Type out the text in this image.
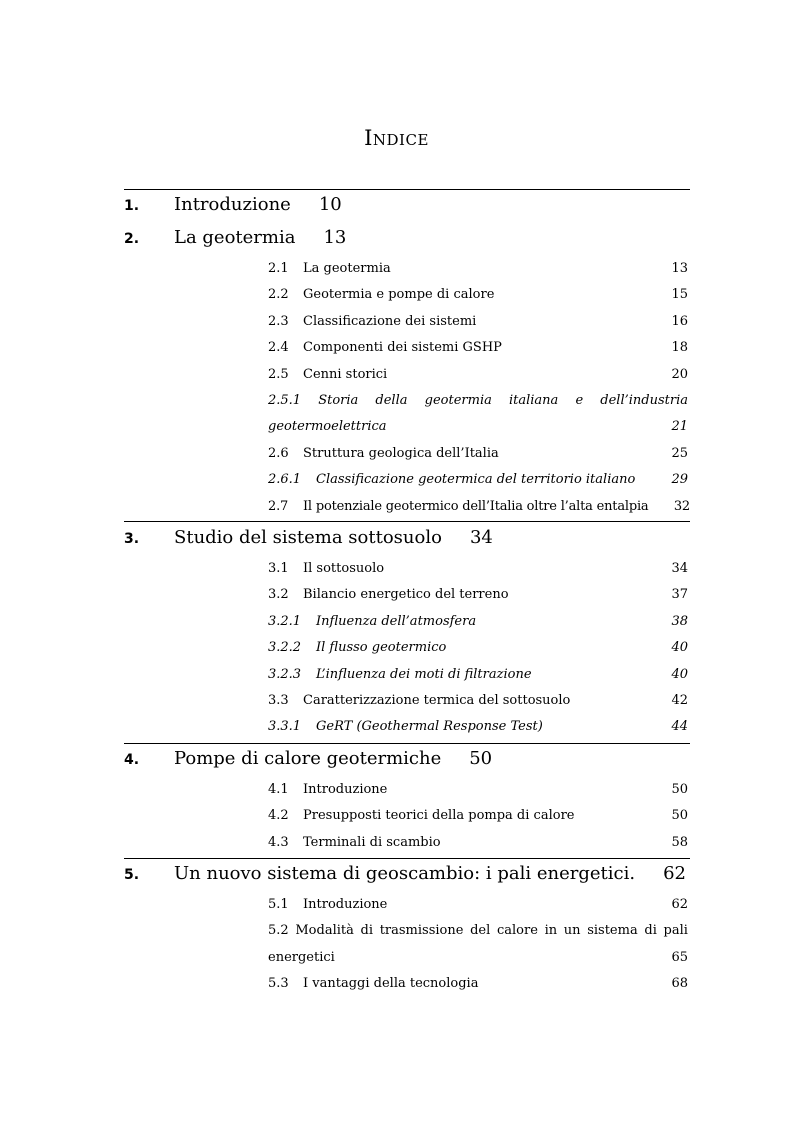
INDICE
1. Introduzione 10
2. La geotermia 13
2.1 La geotermia	13
2.2 Geotermia e pompe di calore	15
2.3 Classificazione dei sistemi	16
2.4 Componenti dei sistemi GSHP	18
2.5 Cenni storici	20
2.5.1 Storia della geotermia italiana e dell’industria
geotermoelettrica	21
2.6 Struttura geologica dell’Italia	25
2.6.1 Classificazione geotermica del territorio italiano	29
2.7 Il potenziale geotermico dell’Italia oltre l’alta entalpia 32
3. Studio del sistema sottosuolo 34
3.1 Il sottosuolo	34
3.2 Bilancio energetico del terreno	37
3.2.1 Influenza dell’atmosfera	38
3.2.2 Il flusso geotermico	40
3.2.3 L’influenza dei moti di filtrazione	40
3.3 Caratterizzazione termica del sottosuolo	42
3.3.1 GeRT (Geothermal Response Test)	44
4. Pompe di calore geotermiche 50
4.1 Introduzione	50
4.2 Presupposti teorici della pompa di calore	50
4.3 Terminali di scambio	58
5. Un nuovo sistema di geoscambio: i pali energetici. 62
5.1 Introduzione	62
5.2 Modalità di trasmissione del calore in un sistema di pali
energetici	65
5.3 I vantaggi della tecnologia	68
